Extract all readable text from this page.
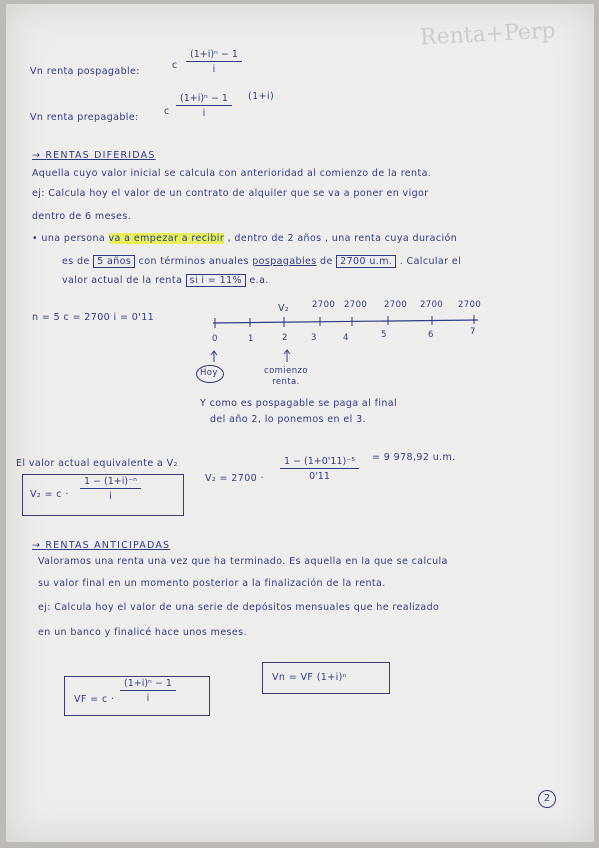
Renta+Perp
Vn renta pospagable:
c $\frac{\text{(1+i)ⁿ − 1}}{i}$
Vn renta prepagable:
c $\frac{\text{(1+i)ⁿ − 1}}{i} (1+i)$
→ RENTAS DIFERIDAS
Aquella cuyo valor inicial se calcula con anterioridad al comienzo de la renta.
ej: Calcula hoy el valor de un contrato de alquiler que se va a poner en vigor
dentro de 6 meses.
• una persona va a empezar a recibir , dentro de 2 años , una renta cuya duración
es de 5 años con términos anuales pospagables de 2700 u.m. . Calcular el
valor actual de la renta si i = 11% e.a.
n = 5 c = 2700 i = 0'11
V₂	2700 2700 2700 2700 2700
0	1	2	3	4	5	6	7
Hoy	comienzo renta.
Y como es pospagable se paga al final
del año 2, lo ponemos en el 3.
El valor actual equivalente a V₂
$V_2 = c \cdot \frac{\text{1 − (1+i)⁻ⁿ}}{i}$	$V_2 = 2700 \cdot \frac{\text{1 − (1+0'11)⁻⁵}}{0'11} = 9$ 978,92 u.m.
→ RENTAS ANTICIPADAS
Valoramos una renta una vez que ha terminado. Es aquella en la que se calcula
su valor final en un momento posterior a la finalización de la renta.
ej: Calcula hoy el valor de una serie de depósitos mensuales que he realizado
en un banco y finalicé hace unos meses.
VF = $c \cdot \frac{\text{(1+i)ⁿ − 1}}{i}$
Vn = VF (1+i)ⁿ
2
